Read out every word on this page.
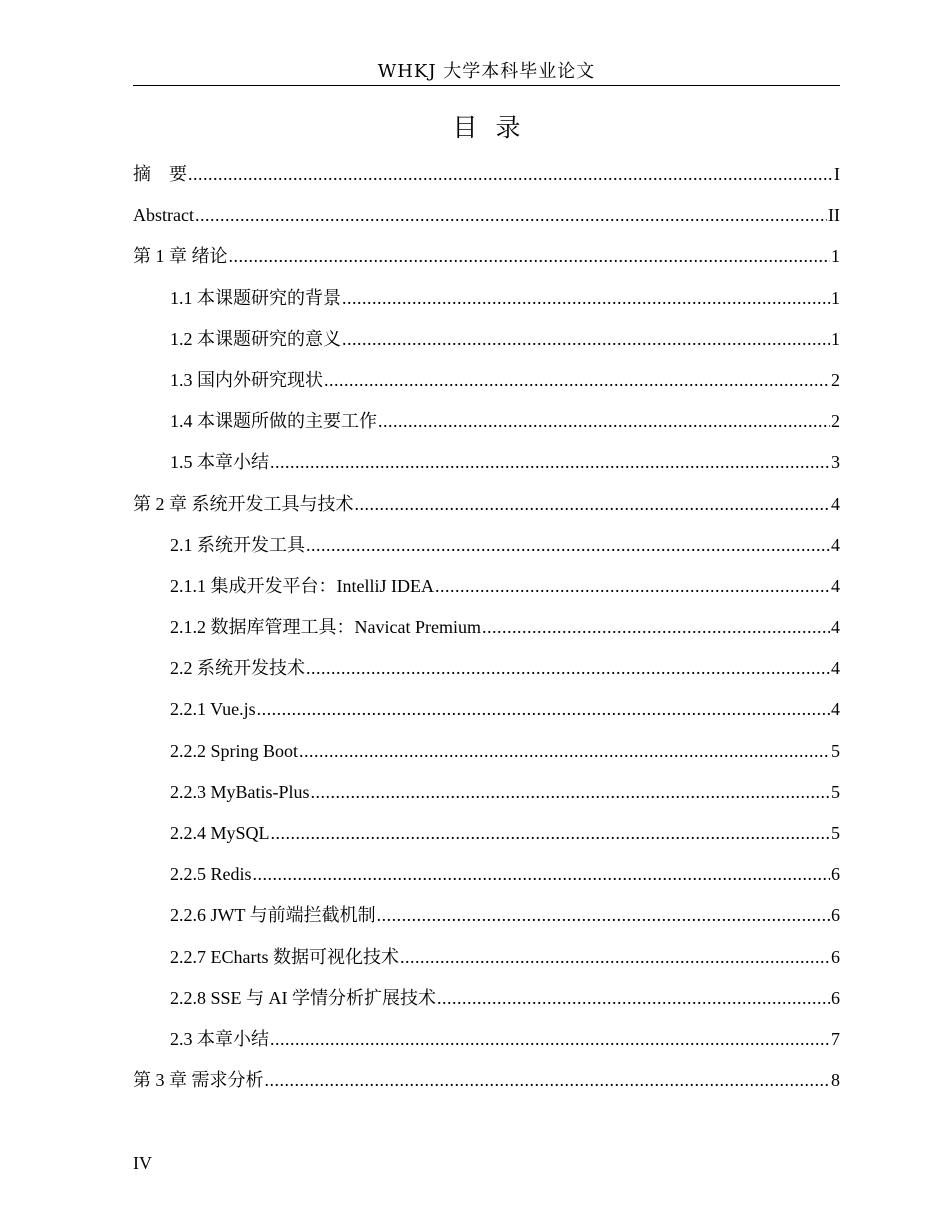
WHKJ 大学本科毕业论文
目录
摘　要 .....	I
Abstract .....	II
第 1 章 绪论 .....	1
1.1 本课题研究的背景 .....	1
1.2 本课题研究的意义 .....	1
1.3 国内外研究现状 .....	2
1.4 本课题所做的主要工作 .....	2
1.5 本章小结 .....	3
第 2 章 系统开发工具与技术 .....	4
2.1 系统开发工具 .....	4
2.1.1 集成开发平台：IntelliJ IDEA .....	4
2.1.2 数据库管理工具：Navicat Premium .....	4
2.2 系统开发技术 .....	4
2.2.1 Vue.js .....	4
2.2.2 Spring Boot .....	5
2.2.3 MyBatis-Plus .....	5
2.2.4 MySQL .....	5
2.2.5 Redis .....	6
2.2.6 JWT 与前端拦截机制 .....	6
2.2.7 ECharts 数据可视化技术 .....	6
2.2.8 SSE 与 AI 学情分析扩展技术 .....	6
2.3 本章小结 .....	7
第 3 章 需求分析 .....	8
IV
